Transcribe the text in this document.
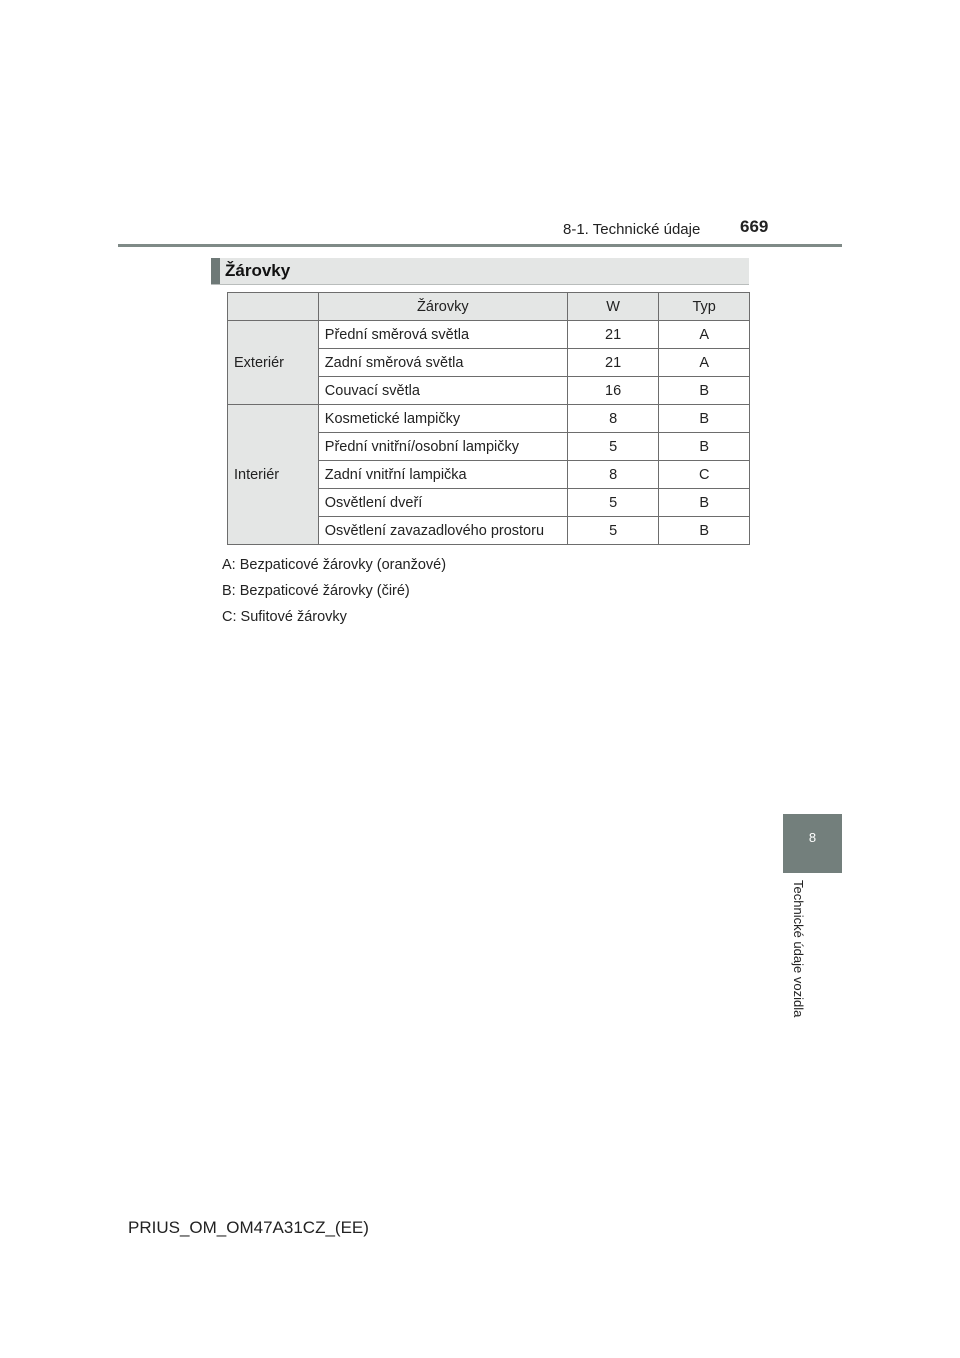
8-1. Technické údaje 669
Žárovky
	Žárovky	W	Typ
Exteriér	Přední směrová světla	21	A
	Zadní směrová světla	21	A
	Couvací světla	16	B
Interiér	Kosmetické lampičky	8	B
	Přední vnitřní/osobní lampičky	5	B
	Zadní vnitřní lampička	8	C
	Osvětlení dveří	5	B
	Osvětlení zavazadlového prostoru	5	B
A: Bezpaticové žárovky (oranžové)
B: Bezpaticové žárovky (čiré)
C: Sufitové žárovky
8
Technické údaje vozidla
PRIUS_OM_OM47A31CZ_(EE)
